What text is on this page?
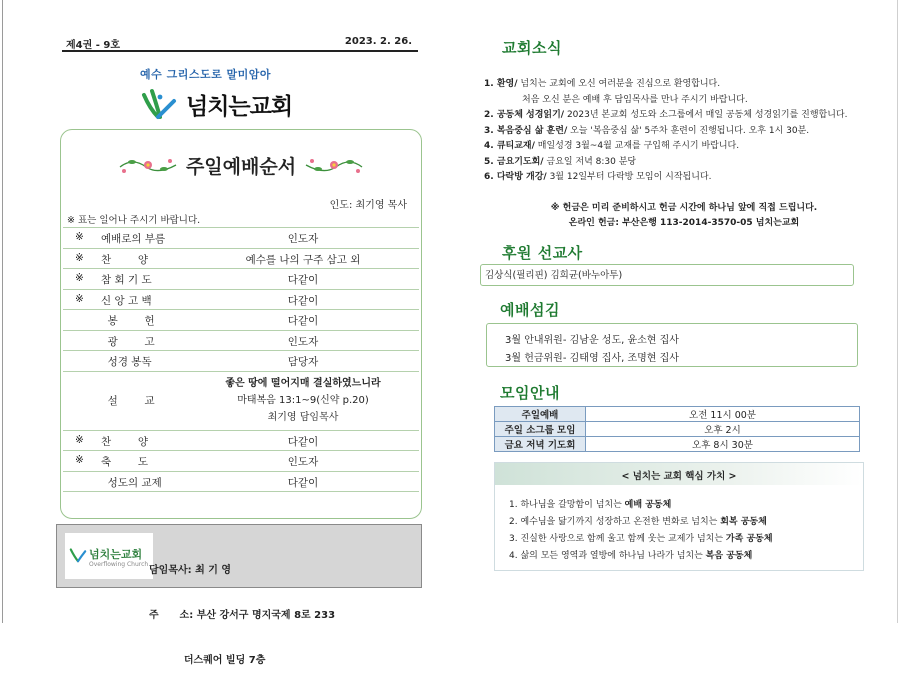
제4권 - 9호	2023. 2. 26.
예수 그리스도로 말미암아
넘치는교회
주일예배순서
인도: 최기영 목사
※ 표는 일어나 주시기 바랍니다.
※ 예배로의 부름	인도자
※ 찬        양	예수를 나의 구주 삼고 외
※ 참 회 기 도	다같이
※ 신 앙 고 백	다같이
봉        헌	다같이
광        고	인도자
성경 봉독	담당자
설        교
좋은 땅에 떨어지매 결실하였느니라
마태복음 13:1~9(신약 p.20)
최기영 담임목사
※ 찬        양	다같이
※ 축        도	인도자
성도의 교제	다같이
넘치는교회
Overflowing Church

담임목사: 최 기 영

주      소: 부산 강서구 명지국제 8로 233

더스퀘어 빌딩 7층

교회소식
1. 환영/ 넘치는 교회에 오신 여러분을 진심으로 환영합니다.
처음 오신 분은 예배 후 담임목사를 만나 주시기 바랍니다.
2. 공동체 성경읽기/ 2023년 본교회 성도와 소그룹에서 매일 공동체 성경읽기를 진행합니다.
3. 복음중심 삶 훈련/ 오늘 '복음중심 삶' 5주차 훈련이 진행됩니다. 오후 1시 30분.
4. 큐티교재/ 매일성경 3월~4월 교재를 구입해 주시기 바랍니다.
5. 금요기도회/ 금요일 저녁 8:30 분당
6. 다락방 개강/ 3월 12일부터 다락방 모임이 시작됩니다.
※ 헌금은 미리 준비하시고 헌금 시간에 하나님 앞에 직접 드립니다.
온라인 헌금: 부산은행 113-2014-3570-05 넘치는교회
후원 선교사
김상식(필리핀) 김희균(바누아투)
예배섬김
3월 안내위원- 김남운 성도, 윤소현 집사
3월 헌금위원- 김태영 집사, 조명현 집사
모임안내
주일예배	오전 11시 00분
주일 소그룹 모임	오후 2시
금요 저녁 기도회	오후 8시 30분
< 넘치는 교회 핵심 가치 >
1. 하나님을 갈망함이 넘치는 예배 공동체
2. 예수님을 닮기까지 성장하고 온전한 변화로 넘치는 회복 공동체
3. 진실한 사랑으로 함께 울고 함께 웃는 교제가 넘치는 가족 공동체
4. 삶의 모든 영역과 열방에 하나님 나라가 넘치는 복음 공동체
